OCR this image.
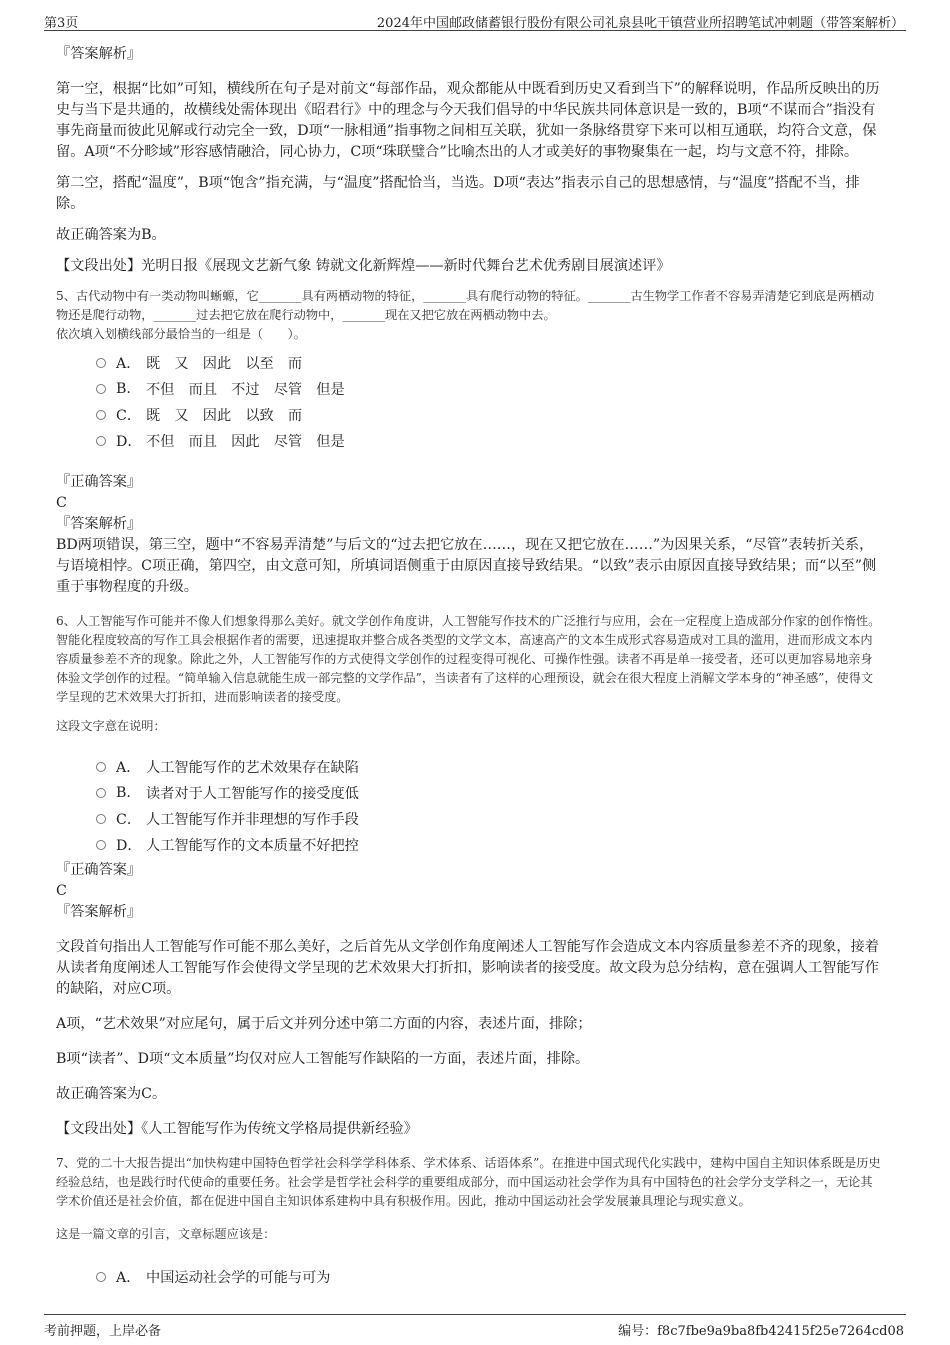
第3页	2024年中国邮政储蓄银行股份有限公司礼泉县叱干镇营业所招聘笔试冲刺题（带答案解析）

『答案解析』

第一空，根据“比如”可知，横线所在句子是对前文“每部作品，观众都能从中既看到历史又看到当下”的解释说明，作品所反映出的历史与当下是共通的，故横线处需体现出《昭君行》中的理念与今天我们倡导的中华民族共同体意识是一致的，B项“不谋而合”指没有事先商量而彼此见解或行动完全一致，D项“一脉相通”指事物之间相互关联，犹如一条脉络贯穿下来可以相互通联，均符合文意，保留。A项“不分畛域”形容感情融洽，同心协力，C项“珠联璧合”比喻杰出的人才或美好的事物聚集在一起，均与文意不符，排除。

第二空，搭配“温度”，B项“饱含”指充满，与“温度”搭配恰当，当选。D项“表达”指表示自己的思想感情，与“温度”搭配不当，排除。

故正确答案为B。

【文段出处】光明日报《展现文艺新气象 铸就文化新辉煌——新时代舞台艺术优秀剧目展演述评》

5、古代动物中有一类动物叫蜥螈，它_______具有两栖动物的特征，_______具有爬行动物的特征。_______古生物学工作者不容易弄清楚它到底是两栖动物还是爬行动物，_______过去把它放在爬行动物中，_______现在又把它放在两栖动物中去。

依次填入划横线部分最恰当的一组是（　　）。

A． 既　又　因此　以至　而
B.	不但　而且　不过　尽管　但是
C． 既　又　因此　以致　而
D． 不但　而且　因此　尽管　但是

『正确答案』

C

『答案解析』

BD两项错误，第三空，题中“不容易弄清楚”与后文的“过去把它放在……，现在又把它放在……”为因果关系，“尽管”表转折关系，与语境相悖。C项正确，第四空，由文意可知，所填词语侧重于由原因直接导致结果。“以致”表示由原因直接导致结果；而“以至”侧重于事物程度的升级。

6、人工智能写作可能并不像人们想象得那么美好。就文学创作角度讲，人工智能写作技术的广泛推行与应用，会在一定程度上造成部分作家的创作惰性。智能化程度较高的写作工具会根据作者的需要，迅速提取并整合成各类型的文学文本，高速高产的文本生成形式容易造成对工具的滥用，进而形成文本内容质量参差不齐的现象。除此之外，人工智能写作的方式使得文学创作的过程变得可视化、可操作性强。读者不再是单一接受者，还可以更加容易地亲身体验文学创作的过程。“简单输入信息就能生成一部完整的文学作品”，当读者有了这样的心理预设，就会在很大程度上消解文学本身的“神圣感”，使得文学呈现的艺术效果大打折扣，进而影响读者的接受度。

这段文字意在说明：

A． 人工智能写作的艺术效果存在缺陷
B.	读者对于人工智能写作的接受度低
C． 人工智能写作并非理想的写作手段
D． 人工智能写作的文本质量不好把控

『正确答案』

C

『答案解析』

文段首句指出人工智能写作可能不那么美好，之后首先从文学创作角度阐述人工智能写作会造成文本内容质量参差不齐的现象，接着从读者角度阐述人工智能写作会使得文学呈现的艺术效果大打折扣，影响读者的接受度。故文段为总分结构，意在强调人工智能写作的缺陷，对应C项。

A项，“艺术效果”对应尾句，属于后文并列分述中第二方面的内容，表述片面，排除；

B项“读者”、D项“文本质量”均仅对应人工智能写作缺陷的一方面，表述片面，排除。

故正确答案为C。

【文段出处】《人工智能写作为传统文学格局提供新经验》

7、党的二十大报告提出“加快构建中国特色哲学社会科学学科体系、学术体系、话语体系”。在推进中国式现代化实践中，建构中国自主知识体系既是历史经验总结，也是践行时代使命的重要任务。社会学是哲学社会科学的重要组成部分，而中国运动社会学作为具有中国特色的社会学分支学科之一，无论其学术价值还是社会价值，都在促进中国自主知识体系建构中具有积极作用。因此，推动中国运动社会学发展兼具理论与现实意义。

这是一篇文章的引言，文章标题应该是：

A． 中国运动社会学的可能与可为
考前押题，上岸必备	编号：f8c7fbe9a9ba8fb42415f25e7264cd08
